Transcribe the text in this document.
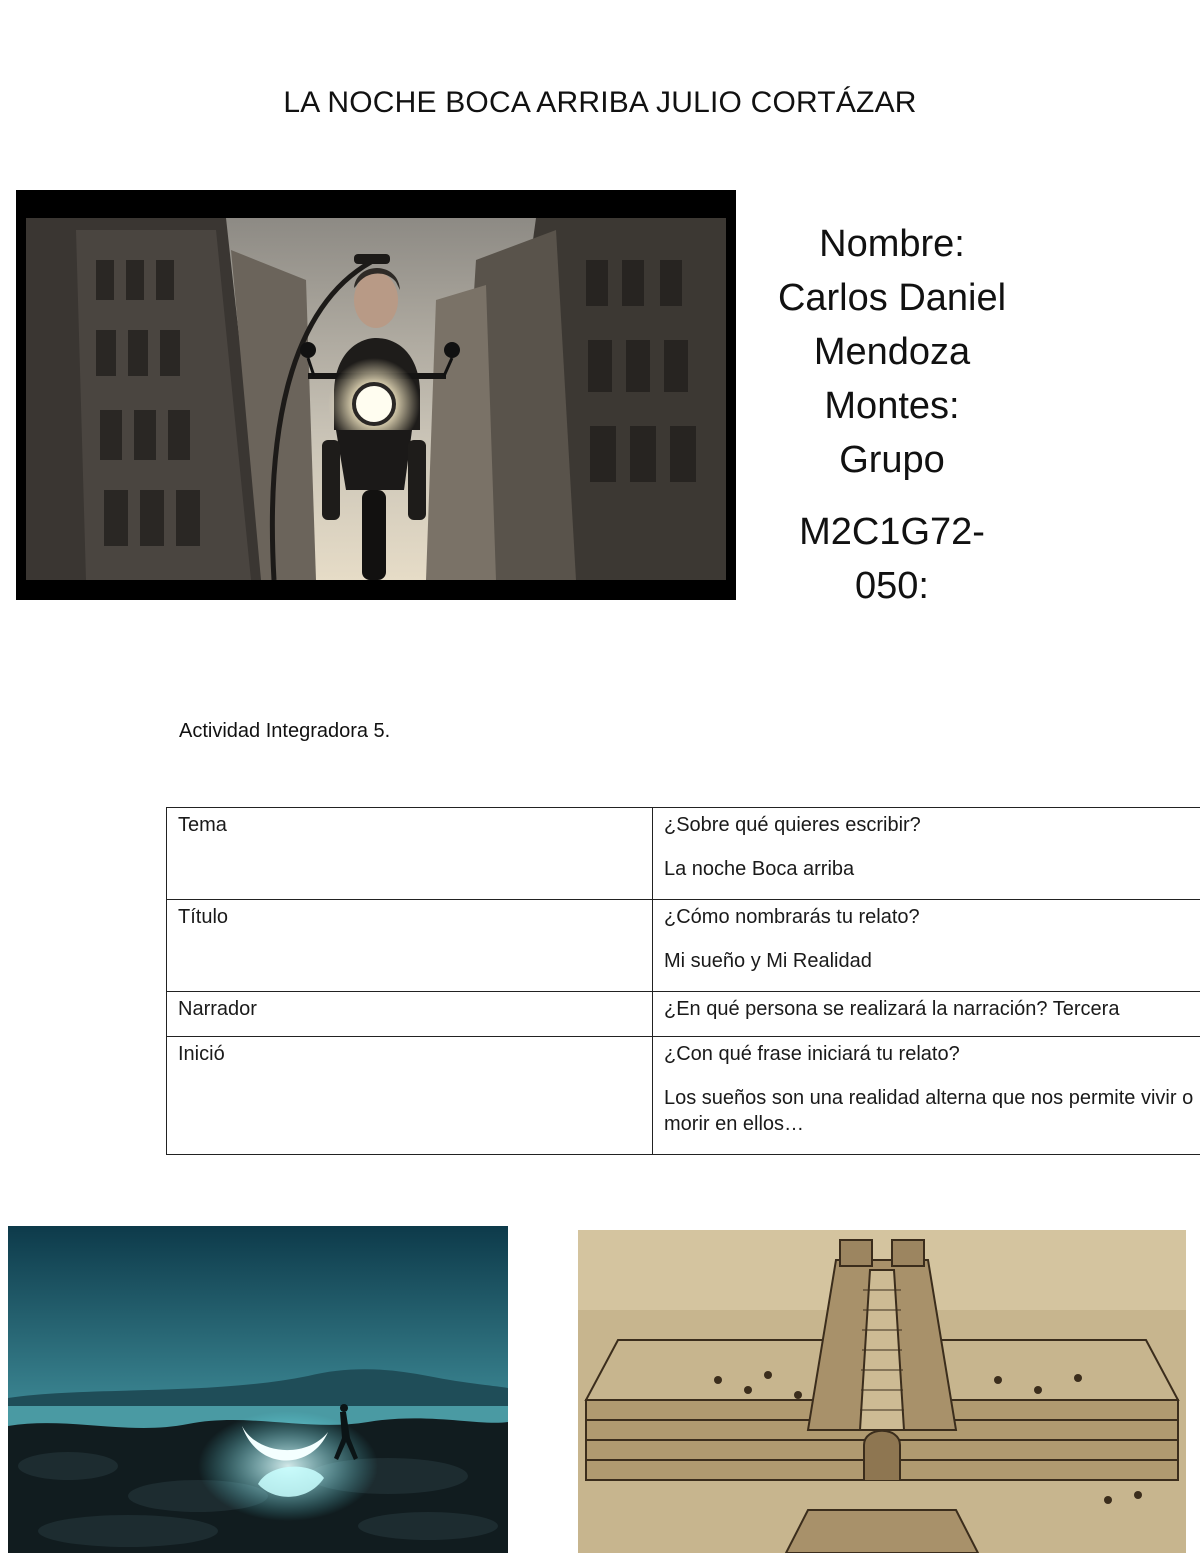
LA NOCHE BOCA ARRIBA JULIO CORTÁZAR
Nombre:
Carlos Daniel
Mendoza
Montes:
Grupo
M2C1G72-
050:
Actividad Integradora 5.
Tema	¿Sobre qué quieres escribir?

La noche Boca arriba

Título	¿Cómo nombrarás tu relato?

Mi sueño y Mi Realidad

Narrador	¿En qué persona se realizará la narración? Tercera

Inició	¿Con qué frase iniciará tu relato?

Los sueños son una realidad alterna que nos permite vivir o morir en ellos…
